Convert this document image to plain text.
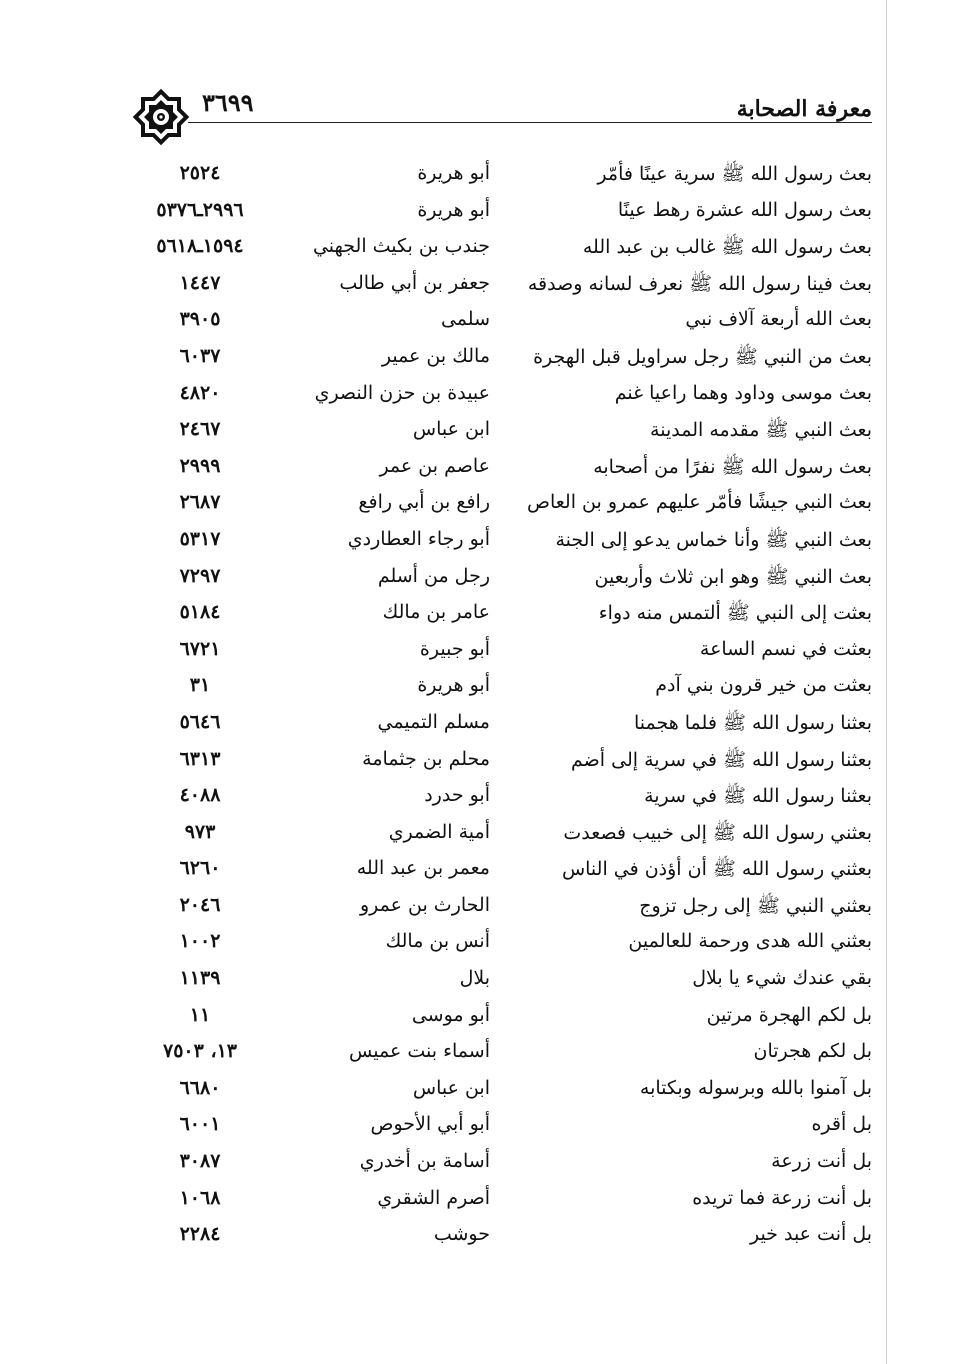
معرفة الصحابة
٣٦٩٩
بعث رسول الله ﷺ سرية عينًا فأمّر
أبو هريرة
٢٥٢٤
بعث رسول الله عشرة رهط عينًا
أبو هريرة
٢٩٩٦ـ٥٣٧٦
بعث رسول الله ﷺ غالب بن عبد الله
جندب بن بكيث الجهني
١٥٩٤ـ٥٦١٨
بعث فينا رسول الله ﷺ نعرف لسانه وصدقه
جعفر بن أبي طالب
١٤٤٧
بعث الله أربعة آلاف نبي
سلمى
٣٩٠٥
بعث من النبي ﷺ رجل سراويل قبل الهجرة
مالك بن عمير
٦٠٣٧
بعث موسى وداود وهما راعيا غنم
عبيدة بن حزن النصري
٤٨٢٠
بعث النبي ﷺ مقدمه المدينة
ابن عباس
٢٤٦٧
بعث رسول الله ﷺ نفرًا من أصحابه
عاصم بن عمر
٢٩٩٩
بعث النبي جيشًا فأمّر عليهم عمرو بن العاص
رافع بن أبي رافع
٢٦٨٧
بعث النبي ﷺ وأنا خماس يدعو إلى الجنة
أبو رجاء العطاردي
٥٣١٧
بعث النبي ﷺ وهو ابن ثلاث وأربعين
رجل من أسلم
٧٢٩٧
بعثت إلى النبي ﷺ ألتمس منه دواء
عامر بن مالك
٥١٨٤
بعثت في نسم الساعة
أبو جبيرة
٦٧٢١
بعثت من خير قرون بني آدم
أبو هريرة
٣١
بعثنا رسول الله ﷺ فلما هجمنا
مسلم التميمي
٥٦٤٦
بعثنا رسول الله ﷺ في سرية إلى أضم
محلم بن جثمامة
٦٣١٣
بعثنا رسول الله ﷺ في سرية
أبو حدرد
٤٠٨٨
بعثني رسول الله ﷺ إلى خبيب فصعدت
أمية الضمري
٩٧٣
بعثني رسول الله ﷺ أن أؤذن في الناس
معمر بن عبد الله
٦٢٦٠
بعثني النبي ﷺ إلى رجل تزوج
الحارث بن عمرو
٢٠٤٦
بعثني الله هدى ورحمة للعالمين
أنس بن مالك
١٠٠٢
بقي عندك شيء يا بلال
بلال
١١٣٩
بل لكم الهجرة مرتين
أبو موسى
١١
بل لكم هجرتان
أسماء بنت عميس
١٣، ٧٥٠٣
بل آمنوا بالله وبرسوله وبكتابه
ابن عباس
٦٦٨٠
بل أقره
أبو أبي الأحوص
٦٠٠١
بل أنت زرعة
أسامة بن أخدري
٣٠٨٧
بل أنت زرعة فما تريده
أصرم الشقري
١٠٦٨
بل أنت عبد خير
حوشب
٢٢٨٤
